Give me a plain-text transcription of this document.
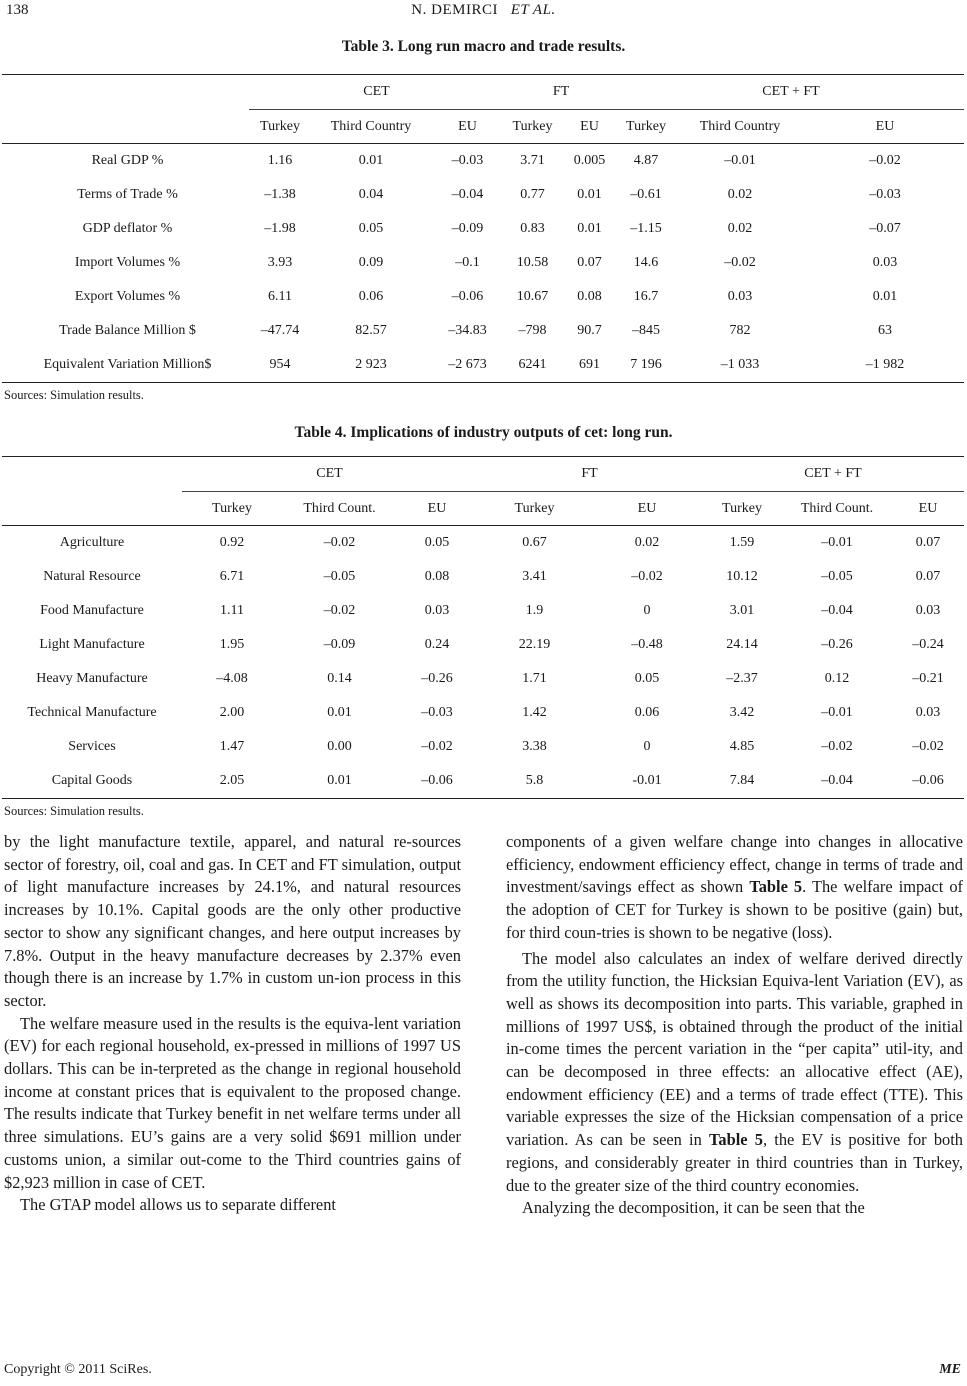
138	N. DEMIRCI ET AL.
Table 3. Long run macro and trade results.
	CET			FT		CET + FT		
	Turkey	Third Country	EU	Turkey	EU	Turkey	Third Country	EU
Real GDP %	1.16	0.01	–0.03	3.71	0.005	4.87	–0.01	–0.02
Terms of Trade %	–1.38	0.04	–0.04	0.77	0.01	–0.61	0.02	–0.03
GDP deflator %	–1.98	0.05	–0.09	0.83	0.01	–1.15	0.02	–0.07
Import Volumes %	3.93	0.09	–0.1	10.58	0.07	14.6	–0.02	0.03
Export Volumes %	6.11	0.06	–0.06	10.67	0.08	16.7	0.03	0.01
Trade Balance Million $	–47.74	82.57	–34.83	–798	90.7	–845	782	63
Equivalent Variation Million$	954	2 923	–2 673	6241	691	7 196	–1 033	–1 982
Sources: Simulation results.
Table 4. Implications of industry outputs of cet: long run.
	CET			FT		CET + FT		
	Turkey	Third Count.	EU	Turkey	EU	Turkey	Third Count.	EU
Agriculture	0.92	–0.02	0.05	0.67	0.02	1.59	–0.01	0.07
Natural Resource	6.71	–0.05	0.08	3.41	–0.02	10.12	–0.05	0.07
Food Manufacture	1.11	–0.02	0.03	1.9	0	3.01	–0.04	0.03
Light Manufacture	1.95	–0.09	0.24	22.19	–0.48	24.14	–0.26	–0.24
Heavy Manufacture	–4.08	0.14	–0.26	1.71	0.05	–2.37	0.12	–0.21
Technical Manufacture	2.00	0.01	–0.03	1.42	0.06	3.42	–0.01	0.03
Services	1.47	0.00	–0.02	3.38	0	4.85	–0.02	–0.02
Capital Goods	2.05	0.01	–0.06	5.8	-0.01	7.84	–0.04	–0.06
Sources: Simulation results.

by the light manufacture textile, apparel, and natural re-sources sector of forestry, oil, coal and gas. In CET and FT simulation, output of light manufacture increases by 24.1%, and natural resources increases by 10.1%. Capital goods are the only other productive sector to show any significant changes, and here output increases by 7.8%. Output in the heavy manufacture decreases by 2.37% even though there is an increase by 1.7% in custom un-ion process in this sector.

The welfare measure used in the results is the equiva-lent variation (EV) for each regional household, ex-pressed in millions of 1997 US dollars. This can be in-terpreted as the change in regional household income at constant prices that is equivalent to the proposed change. The results indicate that Turkey benefit in net welfare terms under all three simulations. EU’s gains are a very solid $691 million under customs union, a similar out-come to the Third countries gains of $2,923 million in case of CET.

The GTAP model allows us to separate different

components of a given welfare change into changes in allocative efficiency, endowment efficiency effect, change in terms of trade and investment/savings effect as shown Table 5. The welfare impact of the adoption of CET for Turkey is shown to be positive (gain) but, for third coun-tries is shown to be negative (loss).

The model also calculates an index of welfare derived directly from the utility function, the Hicksian Equiva-lent Variation (EV), as well as shows its decomposition into parts. This variable, graphed in millions of 1997 US$, is obtained through the product of the initial in-come times the percent variation in the “per capita” util-ity, and can be decomposed in three effects: an allocative effect (AE), endowment efficiency (EE) and a terms of trade effect (TTE). This variable expresses the size of the Hicksian compensation of a price variation. As can be seen in Table 5, the EV is positive for both regions, and considerably greater in third countries than in Turkey, due to the greater size of the third country economies.

Analyzing the decomposition, it can be seen that the

Copyright © 2011 SciRes.	ME
